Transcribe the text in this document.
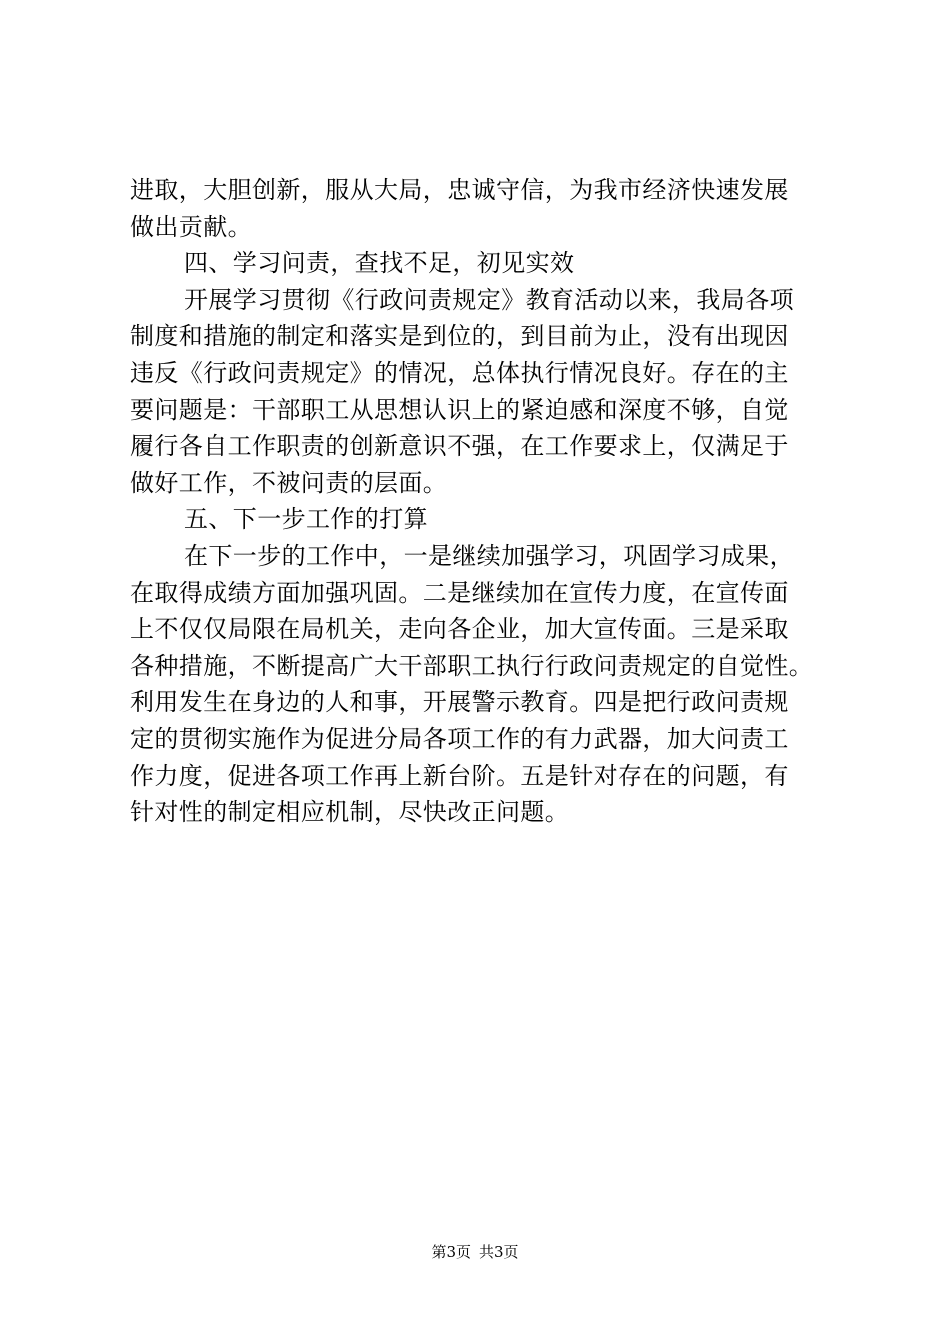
进取，大胆创新，服从大局，忠诚守信，为我市经济快速发展
做出贡献。
四、学习问责，查找不足，初见实效
开展学习贯彻《行政问责规定》教育活动以来，我局各项
制度和措施的制定和落实是到位的，到目前为止，没有出现因
违反《行政问责规定》的情况，总体执行情况良好。存在的主
要问题是：干部职工从思想认识上的紧迫感和深度不够，自觉
履行各自工作职责的创新意识不强，在工作要求上，仅满足于
做好工作，不被问责的层面。
五、下一步工作的打算
在下一步的工作中，一是继续加强学习，巩固学习成果，
在取得成绩方面加强巩固。二是继续加在宣传力度，在宣传面
上不仅仅局限在局机关，走向各企业，加大宣传面。三是采取
各种措施，不断提高广大干部职工执行行政问责规定的自觉性。
利用发生在身边的人和事，开展警示教育。四是把行政问责规
定的贯彻实施作为促进分局各项工作的有力武器，加大问责工
作力度，促进各项工作再上新台阶。五是针对存在的问题，有
针对性的制定相应机制，尽快改正问题。
第3页 共3页
